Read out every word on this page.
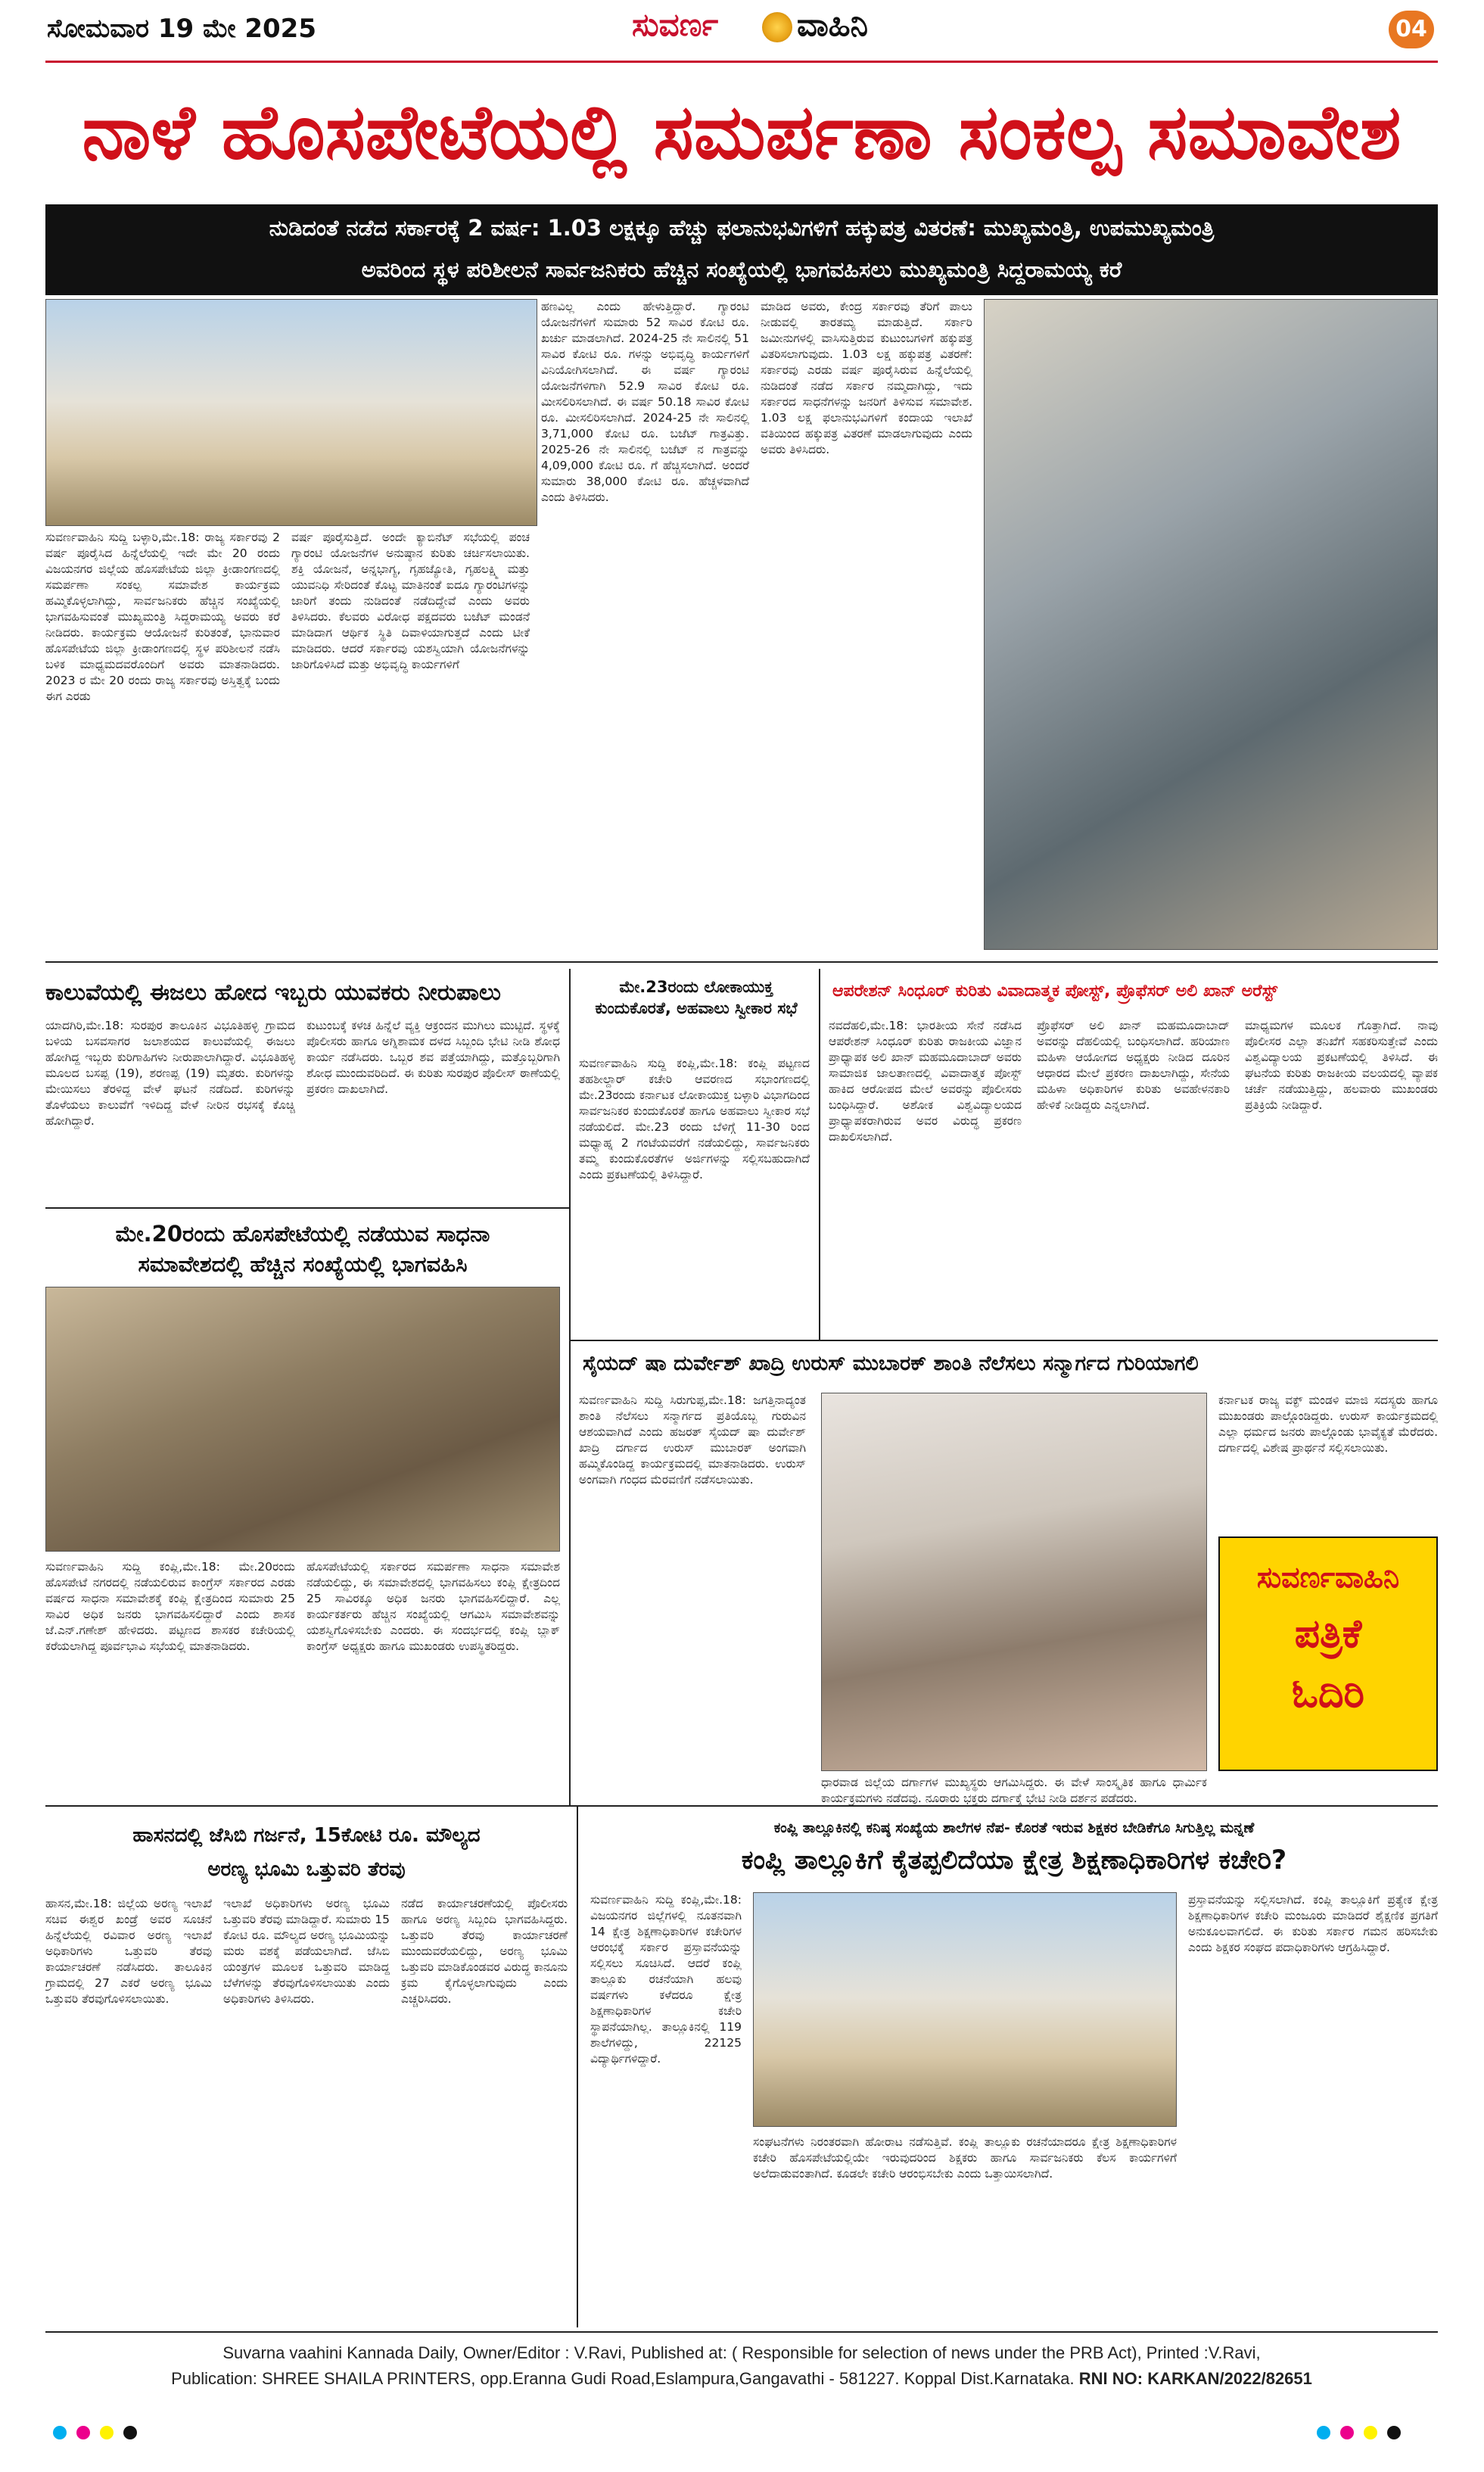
ಸೋಮವಾರ 19 ಮೇ 2025	ಸುವರ್ಣ ವಾಹಿನಿ	04
ನಾಳೆ ಹೊಸಪೇಟೆಯಲ್ಲಿ ಸಮರ್ಪಣಾ ಸಂಕಲ್ಪ ಸಮಾವೇಶ
ನುಡಿದಂತೆ ನಡೆದ ಸರ್ಕಾರಕ್ಕೆ 2 ವರ್ಷ: 1.03 ಲಕ್ಷಕ್ಕೂ ಹೆಚ್ಚು ಫಲಾನುಭವಿಗಳಿಗೆ ಹಕ್ಕುಪತ್ರ ವಿತರಣೆ: ಮುಖ್ಯಮಂತ್ರಿ, ಉಪಮುಖ್ಯಮಂತ್ರಿ
ಅವರಿಂದ ಸ್ಥಳ ಪರಿಶೀಲನೆ ಸಾರ್ವಜನಿಕರು ಹೆಚ್ಚಿನ ಸಂಖ್ಯೆಯಲ್ಲಿ ಭಾಗವಹಿಸಲು ಮುಖ್ಯಮಂತ್ರಿ ಸಿದ್ದರಾಮಯ್ಯ ಕರೆ
ಸುವರ್ಣವಾಹಿನಿ ಸುದ್ದಿ ಬಳ್ಳಾರಿ,ಮೇ.18: ರಾಜ್ಯ ಸರ್ಕಾರವು 2 ವರ್ಷ ಪೂರೈಸಿದ ಹಿನ್ನೆಲೆಯಲ್ಲಿ ಇದೇ ಮೇ 20 ರಂದು ವಿಜಯನಗರ ಜಿಲ್ಲೆಯ ಹೊಸಪೇಟೆಯ ಜಿಲ್ಲಾ ಕ್ರೀಡಾಂಗಣದಲ್ಲಿ ಸಮರ್ಪಣಾ ಸಂಕಲ್ಪ ಸಮಾವೇಶ ಕಾರ್ಯಕ್ರಮ ಹಮ್ಮಿಕೊಳ್ಳಲಾಗಿದ್ದು, ಸಾರ್ವಜನಿಕರು ಹೆಚ್ಚಿನ ಸಂಖ್ಯೆಯಲ್ಲಿ ಭಾಗವಹಿಸುವಂತೆ ಮುಖ್ಯಮಂತ್ರಿ ಸಿದ್ದರಾಮಯ್ಯ ಅವರು ಕರೆ ನೀಡಿದರು. ಕಾರ್ಯಕ್ರಮ ಆಯೋಜನೆ ಕುರಿತಂತೆ, ಭಾನುವಾರ ಹೊಸಪೇಟೆಯ ಜಿಲ್ಲಾ ಕ್ರೀಡಾಂಗಣದಲ್ಲಿ ಸ್ಥಳ ಪರಿಶೀಲನೆ ನಡೆಸಿ ಬಳಿಕ ಮಾಧ್ಯಮದವರೊಂದಿಗೆ ಅವರು ಮಾತನಾಡಿದರು. 2023 ರ ಮೇ 20 ರಂದು ರಾಜ್ಯ ಸರ್ಕಾರವು ಅಸ್ತಿತ್ವಕ್ಕೆ ಬಂದು ಈಗ ಎರಡು
ವರ್ಷ ಪೂರೈಸುತ್ತಿದೆ. ಅಂದೇ ಕ್ಯಾಬಿನೆಟ್ ಸಭೆಯಲ್ಲಿ ಪಂಚ ಗ್ಯಾರಂಟಿ ಯೋಜನೆಗಳ ಅನುಷ್ಠಾನ ಕುರಿತು ಚರ್ಚಿಸಲಾಯಿತು. ಶಕ್ತಿ ಯೋಜನೆ, ಅನ್ನಭಾಗ್ಯ, ಗೃಹಜ್ಯೋತಿ, ಗೃಹಲಕ್ಷ್ಮಿ ಮತ್ತು ಯುವನಿಧಿ ಸೇರಿದಂತೆ ಕೊಟ್ಟ ಮಾತಿನಂತೆ ಐದೂ ಗ್ಯಾರಂಟಿಗಳನ್ನು ಜಾರಿಗೆ ತಂದು ನುಡಿದಂತೆ ನಡೆದಿದ್ದೇವೆ ಎಂದು ಅವರು ತಿಳಿಸಿದರು. ಕೆಲವರು ವಿರೋಧ ಪಕ್ಷದವರು ಬಜೆಟ್ ಮಂಡನೆ ಮಾಡಿದಾಗ ಆರ್ಥಿಕ ಸ್ಥಿತಿ ದಿವಾಳಿಯಾಗುತ್ತದೆ ಎಂದು ಟೀಕೆ ಮಾಡಿದರು. ಆದರೆ ಸರ್ಕಾರವು ಯಶಸ್ವಿಯಾಗಿ ಯೋಜನೆಗಳನ್ನು ಜಾರಿಗೊಳಿಸಿದೆ ಮತ್ತು ಅಭಿವೃದ್ಧಿ ಕಾರ್ಯಗಳಿಗೆ
ಹಣವಿಲ್ಲ ಎಂದು ಹೇಳುತ್ತಿದ್ದಾರೆ. ಗ್ಯಾರಂಟಿ ಯೋಜನೆಗಳಿಗೆ ಸುಮಾರು 52 ಸಾವಿರ ಕೋಟಿ ರೂ. ಖರ್ಚು ಮಾಡಲಾಗಿದೆ. 2024-25 ನೇ ಸಾಲಿನಲ್ಲಿ 51 ಸಾವಿರ ಕೋಟಿ ರೂ. ಗಳನ್ನು ಅಭಿವೃದ್ಧಿ ಕಾರ್ಯಗಳಿಗೆ ವಿನಿಯೋಗಿಸಲಾಗಿದೆ. ಈ ವರ್ಷ ಗ್ಯಾರಂಟಿ ಯೋಜನೆಗಳಿಗಾಗಿ 52.9 ಸಾವಿರ ಕೋಟಿ ರೂ. ಮೀಸಲಿರಿಸಲಾಗಿದೆ. ಈ ವರ್ಷ 50.18 ಸಾವಿರ ಕೋಟಿ ರೂ. ಮೀಸಲಿರಿಸಲಾಗಿದೆ. 2024-25 ನೇ ಸಾಲಿನಲ್ಲಿ 3,71,000 ಕೋಟಿ ರೂ. ಬಜೆಟ್ ಗಾತ್ರವಿತ್ತು. 2025-26 ನೇ ಸಾಲಿನಲ್ಲಿ ಬಜೆಟ್ ನ ಗಾತ್ರವನ್ನು 4,09,000 ಕೋಟಿ ರೂ. ಗೆ ಹೆಚ್ಚಿಸಲಾಗಿದೆ. ಅಂದರೆ ಸುಮಾರು 38,000 ಕೋಟಿ ರೂ. ಹೆಚ್ಚಳವಾಗಿದೆ ಎಂದು ತಿಳಿಸಿದರು.
ಮಾಡಿದ ಅವರು, ಕೇಂದ್ರ ಸರ್ಕಾರವು ತೆರಿಗೆ ಪಾಲು ನೀಡುವಲ್ಲಿ ತಾರತಮ್ಯ ಮಾಡುತ್ತಿದೆ. ಸರ್ಕಾರಿ ಜಮೀನುಗಳಲ್ಲಿ ವಾಸಿಸುತ್ತಿರುವ ಕುಟುಂಬಗಳಿಗೆ ಹಕ್ಕುಪತ್ರ ವಿತರಿಸಲಾಗುವುದು. 1.03 ಲಕ್ಷ ಹಕ್ಕುಪತ್ರ ವಿತರಣೆ: ಸರ್ಕಾರವು ಎರಡು ವರ್ಷ ಪೂರೈಸಿರುವ ಹಿನ್ನೆಲೆಯಲ್ಲಿ ನುಡಿದಂತೆ ನಡೆದ ಸರ್ಕಾರ ನಮ್ಮದಾಗಿದ್ದು, ಇದು ಸರ್ಕಾರದ ಸಾಧನೆಗಳನ್ನು ಜನರಿಗೆ ತಿಳಿಸುವ ಸಮಾವೇಶ. 1.03 ಲಕ್ಷ ಫಲಾನುಭವಿಗಳಿಗೆ ಕಂದಾಯ ಇಲಾಖೆ ವತಿಯಿಂದ ಹಕ್ಕುಪತ್ರ ವಿತರಣೆ ಮಾಡಲಾಗುವುದು ಎಂದು ಅವರು ತಿಳಿಸಿದರು.
ಕಾಲುವೆಯಲ್ಲಿ ಈಜಲು ಹೋದ ಇಬ್ಬರು ಯುವಕರು ನೀರುಪಾಲು
ಯಾದಗಿರಿ,ಮೇ.18: ಸುರಪುರ ತಾಲೂಕಿನ ವಿಭೂತಿಹಳ್ಳಿ ಗ್ರಾಮದ ಬಳಿಯ ಬಸವಸಾಗರ ಜಲಾಶಯದ ಕಾಲುವೆಯಲ್ಲಿ ಈಜಲು ಹೋಗಿದ್ದ ಇಬ್ಬರು ಕುರಿಗಾಹಿಗಳು ನೀರುಪಾಲಾಗಿದ್ದಾರೆ. ವಿಭೂತಿಹಳ್ಳಿ ಮೂಲದ ಬಸಪ್ಪ (19), ಶರಣಪ್ಪ (19) ಮೃತರು. ಕುರಿಗಳನ್ನು ಮೇಯಿಸಲು ತೆರಳಿದ್ದ ವೇಳೆ ಘಟನೆ ನಡೆದಿದೆ. ಕುರಿಗಳನ್ನು ತೊಳೆಯಲು ಕಾಲುವೆಗೆ ಇಳಿದಿದ್ದ ವೇಳೆ ನೀರಿನ ರಭಸಕ್ಕೆ ಕೊಚ್ಚಿ ಹೋಗಿದ್ದಾರೆ.
ಕುಟುಂಬಕ್ಕೆ ಕಳಚ ಹಿನ್ನೆಲೆ ವ್ಯಕ್ತಿ ಆಕ್ರಂದನ ಮುಗಿಲು ಮುಟ್ಟಿದೆ. ಸ್ಥಳಕ್ಕೆ ಪೊಲೀಸರು ಹಾಗೂ ಅಗ್ನಿಶಾಮಕ ದಳದ ಸಿಬ್ಬಂದಿ ಭೇಟಿ ನೀಡಿ ಶೋಧ ಕಾರ್ಯ ನಡೆಸಿದರು. ಒಬ್ಬರ ಶವ ಪತ್ತೆಯಾಗಿದ್ದು, ಮತ್ತೊಬ್ಬರಿಗಾಗಿ ಶೋಧ ಮುಂದುವರಿದಿದೆ. ಈ ಕುರಿತು ಸುರಪುರ ಪೊಲೀಸ್ ಠಾಣೆಯಲ್ಲಿ ಪ್ರಕರಣ ದಾಖಲಾಗಿದೆ.
ಮೇ.23ರಂದು ಲೋಕಾಯುಕ್ತ ಕುಂದುಕೊರತೆ, ಅಹವಾಲು ಸ್ವೀಕಾರ ಸಭೆ
ಸುವರ್ಣವಾಹಿನಿ ಸುದ್ದಿ ಕಂಪ್ಲಿ,ಮೇ.18: ಕಂಪ್ಲಿ ಪಟ್ಟಣದ ತಹಶೀಲ್ದಾರ್ ಕಚೇರಿ ಆವರಣದ ಸಭಾಂಗಣದಲ್ಲಿ ಮೇ.23ರಂದು ಕರ್ನಾಟಕ ಲೋಕಾಯುಕ್ತ ಬಳ್ಳಾರಿ ವಿಭಾಗದಿಂದ ಸಾರ್ವಜನಿಕರ ಕುಂದುಕೊರತೆ ಹಾಗೂ ಅಹವಾಲು ಸ್ವೀಕಾರ ಸಭೆ ನಡೆಯಲಿದೆ. ಮೇ.23 ರಂದು ಬೆಳಿಗ್ಗೆ 11-30 ರಿಂದ ಮಧ್ಯಾಹ್ನ 2 ಗಂಟೆಯವರೆಗೆ ನಡೆಯಲಿದ್ದು, ಸಾರ್ವಜನಿಕರು ತಮ್ಮ ಕುಂದುಕೊರತೆಗಳ ಅರ್ಜಿಗಳನ್ನು ಸಲ್ಲಿಸಬಹುದಾಗಿದೆ ಎಂದು ಪ್ರಕಟಣೆಯಲ್ಲಿ ತಿಳಿಸಿದ್ದಾರೆ.
ಆಪರೇಶನ್ ಸಿಂಧೂರ್ ಕುರಿತು ವಿವಾದಾತ್ಮಕ ಪೋಸ್ಟ್, ಪ್ರೊಫೆಸರ್ ಅಲಿ ಖಾನ್ ಅರೆಸ್ಟ್
ನವದೆಹಲಿ,ಮೇ.18: ಭಾರತೀಯ ಸೇನೆ ನಡೆಸಿದ ಆಪರೇಶನ್ ಸಿಂಧೂರ್ ಕುರಿತು ರಾಜಕೀಯ ವಿಜ್ಞಾನ ಪ್ರಾಧ್ಯಾಪಕ ಅಲಿ ಖಾನ್ ಮಹಮೂದಾಬಾದ್ ಅವರು ಸಾಮಾಜಿಕ ಜಾಲತಾಣದಲ್ಲಿ ವಿವಾದಾತ್ಮಕ ಪೋಸ್ಟ್ ಹಾಕಿದ ಆರೋಪದ ಮೇಲೆ ಅವರನ್ನು ಪೊಲೀಸರು ಬಂಧಿಸಿದ್ದಾರೆ. ಅಶೋಕ ವಿಶ್ವವಿದ್ಯಾಲಯದ ಪ್ರಾಧ್ಯಾಪಕರಾಗಿರುವ ಅವರ ವಿರುದ್ಧ ಪ್ರಕರಣ ದಾಖಲಿಸಲಾಗಿದೆ.
ಪ್ರೊಫೆಸರ್ ಅಲಿ ಖಾನ್ ಮಹಮೂದಾಬಾದ್ ಅವರನ್ನು ದೆಹಲಿಯಲ್ಲಿ ಬಂಧಿಸಲಾಗಿದೆ. ಹರಿಯಾಣ ಮಹಿಳಾ ಆಯೋಗದ ಅಧ್ಯಕ್ಷರು ನೀಡಿದ ದೂರಿನ ಆಧಾರದ ಮೇಲೆ ಪ್ರಕರಣ ದಾಖಲಾಗಿದ್ದು, ಸೇನೆಯ ಮಹಿಳಾ ಅಧಿಕಾರಿಗಳ ಕುರಿತು ಅವಹೇಳನಕಾರಿ ಹೇಳಿಕೆ ನೀಡಿದ್ದರು ಎನ್ನಲಾಗಿದೆ.
ಮಾಧ್ಯಮಗಳ ಮೂಲಕ ಗೊತ್ತಾಗಿದೆ. ನಾವು ಪೊಲೀಸರ ಎಲ್ಲಾ ತನಿಖೆಗೆ ಸಹಕರಿಸುತ್ತೇವೆ ಎಂದು ವಿಶ್ವವಿದ್ಯಾಲಯ ಪ್ರಕಟಣೆಯಲ್ಲಿ ತಿಳಿಸಿದೆ. ಈ ಘಟನೆಯ ಕುರಿತು ರಾಜಕೀಯ ವಲಯದಲ್ಲಿ ವ್ಯಾಪಕ ಚರ್ಚೆ ನಡೆಯುತ್ತಿದ್ದು, ಹಲವಾರು ಮುಖಂಡರು ಪ್ರತಿಕ್ರಿಯೆ ನೀಡಿದ್ದಾರೆ.
ಮೇ.20ರಂದು ಹೊಸಪೇಟೆಯಲ್ಲಿ ನಡೆಯುವ ಸಾಧನಾ
ಸಮಾವೇಶದಲ್ಲಿ ಹೆಚ್ಚಿನ ಸಂಖ್ಯೆಯಲ್ಲಿ ಭಾಗವಹಿಸಿ
ಸುವರ್ಣವಾಹಿನಿ ಸುದ್ದಿ ಕಂಪ್ಲಿ,ಮೇ.18: ಮೇ.20ರಂದು ಹೊಸಪೇಟೆ ನಗರದಲ್ಲಿ ನಡೆಯಲಿರುವ ಕಾಂಗ್ರೆಸ್ ಸರ್ಕಾರದ ಎರಡು ವರ್ಷದ ಸಾಧನಾ ಸಮಾವೇಶಕ್ಕೆ ಕಂಪ್ಲಿ ಕ್ಷೇತ್ರದಿಂದ ಸುಮಾರು 25 ಸಾವಿರ ಅಧಿಕ ಜನರು ಭಾಗವಹಿಸಲಿದ್ದಾರೆ ಎಂದು ಶಾಸಕ ಜೆ.ಎನ್.ಗಣೇಶ್ ಹೇಳಿದರು. ಪಟ್ಟಣದ ಶಾಸಕರ ಕಚೇರಿಯಲ್ಲಿ ಕರೆಯಲಾಗಿದ್ದ ಪೂರ್ವಭಾವಿ ಸಭೆಯಲ್ಲಿ ಮಾತನಾಡಿದರು.
ಹೊಸಪೇಟೆಯಲ್ಲಿ ಸರ್ಕಾರದ ಸಮರ್ಪಣಾ ಸಾಧನಾ ಸಮಾವೇಶ ನಡೆಯಲಿದ್ದು, ಈ ಸಮಾವೇಶದಲ್ಲಿ ಭಾಗವಹಿಸಲು ಕಂಪ್ಲಿ ಕ್ಷೇತ್ರದಿಂದ 25 ಸಾವಿರಕ್ಕೂ ಅಧಿಕ ಜನರು ಭಾಗವಹಿಸಲಿದ್ದಾರೆ. ಎಲ್ಲ ಕಾರ್ಯಕರ್ತರು ಹೆಚ್ಚಿನ ಸಂಖ್ಯೆಯಲ್ಲಿ ಆಗಮಿಸಿ ಸಮಾವೇಶವನ್ನು ಯಶಸ್ವಿಗೊಳಿಸಬೇಕು ಎಂದರು. ಈ ಸಂದರ್ಭದಲ್ಲಿ ಕಂಪ್ಲಿ ಬ್ಲಾಕ್ ಕಾಂಗ್ರೆಸ್ ಅಧ್ಯಕ್ಷರು ಹಾಗೂ ಮುಖಂಡರು ಉಪಸ್ಥಿತರಿದ್ದರು.
ಸೈಯದ್ ಷಾ ದುರ್ವೇಶ್ ಖಾದ್ರಿ ಉರುಸ್ ಮುಬಾರಕ್ ಶಾಂತಿ ನೆಲೆಸಲು ಸನ್ಮಾರ್ಗದ ಗುರಿಯಾಗಲಿ
ಸುವರ್ಣವಾಹಿನಿ ಸುದ್ದಿ ಸಿರುಗುಪ್ಪ,ಮೇ.18: ಜಗತ್ತಿನಾದ್ಯಂತ ಶಾಂತಿ ನೆಲೆಸಲು ಸನ್ಮಾರ್ಗದ ಪ್ರತಿಯೊಬ್ಬ ಗುರುವಿನ ಆಶಯವಾಗಿದೆ ಎಂದು ಹಜರತ್ ಸೈಯದ್ ಷಾ ದುರ್ವೇಶ್ ಖಾದ್ರಿ ದರ್ಗಾದ ಉರುಸ್ ಮುಬಾರಕ್ ಅಂಗವಾಗಿ ಹಮ್ಮಿಕೊಂಡಿದ್ದ ಕಾರ್ಯಕ್ರಮದಲ್ಲಿ ಮಾತನಾಡಿದರು. ಉರುಸ್ ಅಂಗವಾಗಿ ಗಂಧದ ಮೆರವಣಿಗೆ ನಡೆಸಲಾಯಿತು.
ಕರ್ನಾಟಕ ರಾಜ್ಯ ವಕ್ಫ್ ಮಂಡಳಿ ಮಾಜಿ ಸದಸ್ಯರು ಹಾಗೂ ಮುಖಂಡರು ಪಾಲ್ಗೊಂಡಿದ್ದರು. ಉರುಸ್ ಕಾರ್ಯಕ್ರಮದಲ್ಲಿ ಎಲ್ಲಾ ಧರ್ಮದ ಜನರು ಪಾಲ್ಗೊಂಡು ಭಾವೈಕ್ಯತೆ ಮೆರೆದರು. ದರ್ಗಾದಲ್ಲಿ ವಿಶೇಷ ಪ್ರಾರ್ಥನೆ ಸಲ್ಲಿಸಲಾಯಿತು.
ಸುವರ್ಣವಾಹಿನಿ
ಪತ್ರಿಕೆ
ಓದಿರಿ
ಧಾರವಾಡ ಜಿಲ್ಲೆಯ ದರ್ಗಾಗಳ ಮುಖ್ಯಸ್ಥರು ಆಗಮಿಸಿದ್ದರು. ಈ ವೇಳೆ ಸಾಂಸ್ಕೃತಿಕ ಹಾಗೂ ಧಾರ್ಮಿಕ ಕಾರ್ಯಕ್ರಮಗಳು ನಡೆದವು. ನೂರಾರು ಭಕ್ತರು ದರ್ಗಾಕ್ಕೆ ಭೇಟಿ ನೀಡಿ ದರ್ಶನ ಪಡೆದರು.
ಹಾಸನದಲ್ಲಿ ಜೆಸಿಬಿ ಗರ್ಜನೆ, 15ಕೋಟಿ ರೂ. ಮೌಲ್ಯದ
ಅರಣ್ಯ ಭೂಮಿ ಒತ್ತುವರಿ ತೆರವು
ಹಾಸನ,ಮೇ.18: ಜಿಲ್ಲೆಯ ಅರಣ್ಯ ಇಲಾಖೆ ಸಚಿವ ಈಶ್ವರ ಖಂಡ್ರೆ ಅವರ ಸೂಚನೆ ಹಿನ್ನೆಲೆಯಲ್ಲಿ ರವಿವಾರ ಅರಣ್ಯ ಇಲಾಖೆ ಅಧಿಕಾರಿಗಳು ಒತ್ತುವರಿ ತೆರವು ಕಾರ್ಯಾಚರಣೆ ನಡೆಸಿದರು. ತಾಲೂಕಿನ ಗ್ರಾಮದಲ್ಲಿ 27 ಎಕರೆ ಅರಣ್ಯ ಭೂಮಿ ಒತ್ತುವರಿ ತೆರವುಗೊಳಿಸಲಾಯಿತು.
ಇಲಾಖೆ ಅಧಿಕಾರಿಗಳು ಅರಣ್ಯ ಭೂಮಿ ಒತ್ತುವರಿ ತೆರವು ಮಾಡಿದ್ದಾರೆ. ಸುಮಾರು 15 ಕೋಟಿ ರೂ. ಮೌಲ್ಯದ ಅರಣ್ಯ ಭೂಮಿಯನ್ನು ಮರು ವಶಕ್ಕೆ ಪಡೆಯಲಾಗಿದೆ. ಜೆಸಿಬಿ ಯಂತ್ರಗಳ ಮೂಲಕ ಒತ್ತುವರಿ ಮಾಡಿದ್ದ ಬೆಳೆಗಳನ್ನು ತೆರವುಗೊಳಿಸಲಾಯಿತು ಎಂದು ಅಧಿಕಾರಿಗಳು ತಿಳಿಸಿದರು.
ನಡೆದ ಕಾರ್ಯಾಚರಣೆಯಲ್ಲಿ ಪೊಲೀಸರು ಹಾಗೂ ಅರಣ್ಯ ಸಿಬ್ಬಂದಿ ಭಾಗವಹಿಸಿದ್ದರು. ಒತ್ತುವರಿ ತೆರವು ಕಾರ್ಯಾಚರಣೆ ಮುಂದುವರೆಯಲಿದ್ದು, ಅರಣ್ಯ ಭೂಮಿ ಒತ್ತುವರಿ ಮಾಡಿಕೊಂಡವರ ವಿರುದ್ಧ ಕಾನೂನು ಕ್ರಮ ಕೈಗೊಳ್ಳಲಾಗುವುದು ಎಂದು ಎಚ್ಚರಿಸಿದರು.
ಕಂಪ್ಲಿ ತಾಲ್ಲೂಕಿನಲ್ಲಿ ಕನಿಷ್ಠ ಸಂಖ್ಯೆಯ ಶಾಲೆಗಳ ನೆಪ- ಕೊರತೆ ಇರುವ ಶಿಕ್ಷಕರ ಬೇಡಿಕೆಗೂ ಸಿಗುತ್ತಿಲ್ಲ ಮನ್ನಣೆ
ಕಂಪ್ಲಿ ತಾಲ್ಲೂಕಿಗೆ ಕೈತಪ್ಪಲಿದೆಯಾ ಕ್ಷೇತ್ರ ಶಿಕ್ಷಣಾಧಿಕಾರಿಗಳ ಕಚೇರಿ?
ಸುವರ್ಣವಾಹಿನಿ ಸುದ್ದಿ ಕಂಪ್ಲಿ,ಮೇ.18: ವಿಜಯನಗರ ಜಿಲ್ಲೆಗಳಲ್ಲಿ ನೂತನವಾಗಿ 14 ಕ್ಷೇತ್ರ ಶಿಕ್ಷಣಾಧಿಕಾರಿಗಳ ಕಚೇರಿಗಳ ಆರಂಭಕ್ಕೆ ಸರ್ಕಾರ ಪ್ರಸ್ತಾವನೆಯನ್ನು ಸಲ್ಲಿಸಲು ಸೂಚಿಸಿದೆ. ಆದರೆ ಕಂಪ್ಲಿ ತಾಲ್ಲೂಕು ರಚನೆಯಾಗಿ ಹಲವು ವರ್ಷಗಳು ಕಳೆದರೂ ಕ್ಷೇತ್ರ ಶಿಕ್ಷಣಾಧಿಕಾರಿಗಳ ಕಚೇರಿ ಸ್ಥಾಪನೆಯಾಗಿಲ್ಲ. ತಾಲ್ಲೂಕಿನಲ್ಲಿ 119 ಶಾಲೆಗಳಿದ್ದು, 22125 ವಿದ್ಯಾರ್ಥಿಗಳಿದ್ದಾರೆ.
ಸಂಘಟನೆಗಳು ನಿರಂತರವಾಗಿ ಹೋರಾಟ ನಡೆಸುತ್ತಿವೆ. ಕಂಪ್ಲಿ ತಾಲ್ಲೂಕು ರಚನೆಯಾದರೂ ಕ್ಷೇತ್ರ ಶಿಕ್ಷಣಾಧಿಕಾರಿಗಳ ಕಚೇರಿ ಹೊಸಪೇಟೆಯಲ್ಲಿಯೇ ಇರುವುದರಿಂದ ಶಿಕ್ಷಕರು ಹಾಗೂ ಸಾರ್ವಜನಿಕರು ಕೆಲಸ ಕಾರ್ಯಗಳಿಗೆ ಅಲೆದಾಡುವಂತಾಗಿದೆ. ಕೂಡಲೇ ಕಚೇರಿ ಆರಂಭಿಸಬೇಕು ಎಂದು ಒತ್ತಾಯಿಸಲಾಗಿದೆ.
ಪ್ರಸ್ತಾವನೆಯನ್ನು ಸಲ್ಲಿಸಲಾಗಿದೆ. ಕಂಪ್ಲಿ ತಾಲ್ಲೂಕಿಗೆ ಪ್ರತ್ಯೇಕ ಕ್ಷೇತ್ರ ಶಿಕ್ಷಣಾಧಿಕಾರಿಗಳ ಕಚೇರಿ ಮಂಜೂರು ಮಾಡಿದರೆ ಶೈಕ್ಷಣಿಕ ಪ್ರಗತಿಗೆ ಅನುಕೂಲವಾಗಲಿದೆ. ಈ ಕುರಿತು ಸರ್ಕಾರ ಗಮನ ಹರಿಸಬೇಕು ಎಂದು ಶಿಕ್ಷಕರ ಸಂಘದ ಪದಾಧಿಕಾರಿಗಳು ಆಗ್ರಹಿಸಿದ್ದಾರೆ.
Suvarna vaahini Kannada Daily, Owner/Editor : V.Ravi, Published at: ( Responsible for selection of news under the PRB Act), Printed :V.Ravi,
Publication: SHREE SHAILA PRINTERS, opp.Eranna Gudi Road,Eslampura,Gangavathi - 581227. Koppal Dist.Karnataka. RNI NO: KARKAN/2022/82651
